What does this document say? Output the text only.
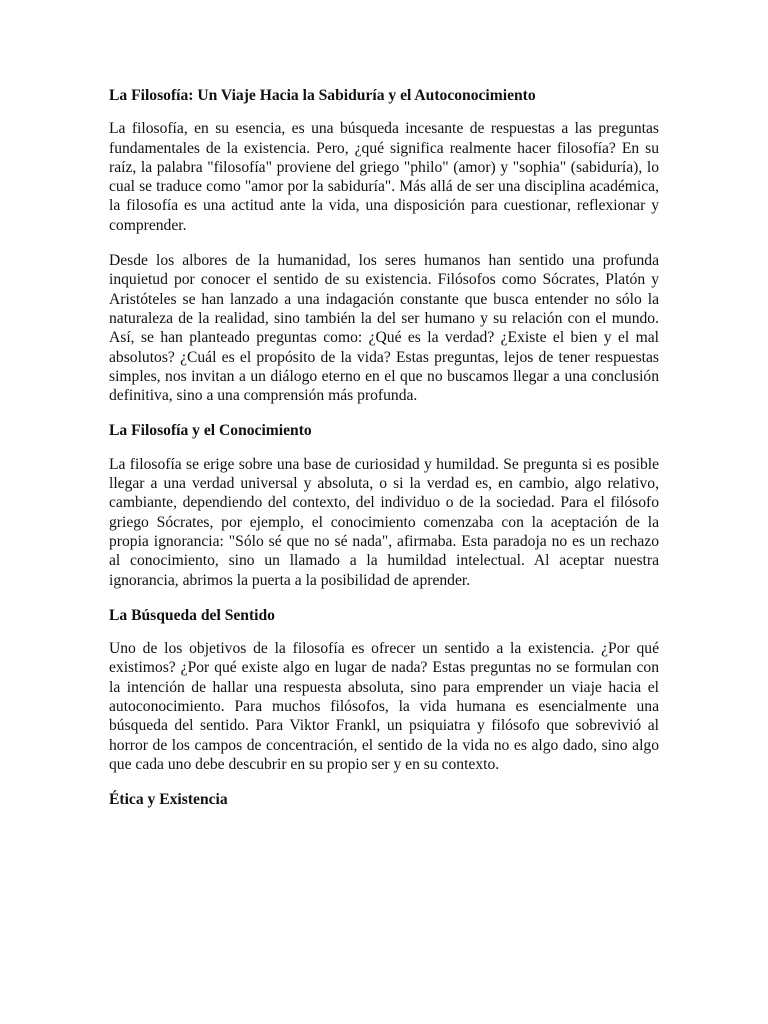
La Filosofía: Un Viaje Hacia la Sabiduría y el Autoconocimiento

La filosofía, en su esencia, es una búsqueda incesante de respuestas a las preguntas fundamentales de la existencia. Pero, ¿qué significa realmente hacer filosofía? En su raíz, la palabra "filosofía" proviene del griego "philo" (amor) y "sophia" (sabiduría), lo cual se traduce como "amor por la sabiduría". Más allá de ser una disciplina académica, la filosofía es una actitud ante la vida, una disposición para cuestionar, reflexionar y comprender.

Desde los albores de la humanidad, los seres humanos han sentido una profunda inquietud por conocer el sentido de su existencia. Filósofos como Sócrates, Platón y Aristóteles se han lanzado a una indagación constante que busca entender no sólo la naturaleza de la realidad, sino también la del ser humano y su relación con el mundo. Así, se han planteado preguntas como: ¿Qué es la verdad? ¿Existe el bien y el mal absolutos? ¿Cuál es el propósito de la vida? Estas preguntas, lejos de tener respuestas simples, nos invitan a un diálogo eterno en el que no buscamos llegar a una conclusión definitiva, sino a una comprensión más profunda.

La Filosofía y el Conocimiento

La filosofía se erige sobre una base de curiosidad y humildad. Se pregunta si es posible llegar a una verdad universal y absoluta, o si la verdad es, en cambio, algo relativo, cambiante, dependiendo del contexto, del individuo o de la sociedad. Para el filósofo griego Sócrates, por ejemplo, el conocimiento comenzaba con la aceptación de la propia ignorancia: "Sólo sé que no sé nada", afirmaba. Esta paradoja no es un rechazo al conocimiento, sino un llamado a la humildad intelectual. Al aceptar nuestra ignorancia, abrimos la puerta a la posibilidad de aprender.

La Búsqueda del Sentido

Uno de los objetivos de la filosofía es ofrecer un sentido a la existencia. ¿Por qué existimos? ¿Por qué existe algo en lugar de nada? Estas preguntas no se formulan con la intención de hallar una respuesta absoluta, sino para emprender un viaje hacia el autoconocimiento. Para muchos filósofos, la vida humana es esencialmente una búsqueda del sentido. Para Viktor Frankl, un psiquiatra y filósofo que sobrevivió al horror de los campos de concentración, el sentido de la vida no es algo dado, sino algo que cada uno debe descubrir en su propio ser y en su contexto.

Ética y Existencia
